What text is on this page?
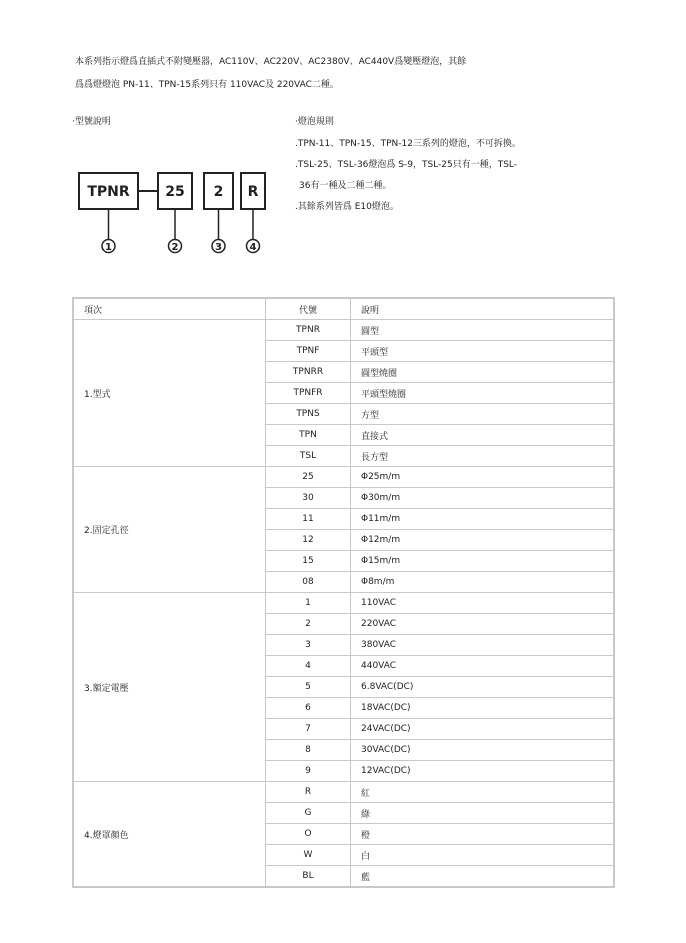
本系列指示燈爲直插式不附變壓器，AC110V、AC220V、AC2380V、AC440V爲變壓燈泡，其餘

爲爲燈燈泡 PN-11、TPN-15系列只有 110VAC及 220VAC二種。

·型號說明
TPNR	25 2 R
1	2	3	4
·燈泡規則

.TPN-11、TPN-15、TPN-12三系列的燈泡，不可拆換。

.TSL-25、TSL-36燈泡爲 S-9，TSL-25只有一種，TSL-

36有一種及二種二種。

.其餘系列皆爲 E10燈泡。

項次	代號	說明
1.型式	TPNR	圓型
	TPNF	平頭型
	TPNRR	圓型燒圈
	TPNFR	平頭型燒圈
	TPNS	方型
	TPN	直接式
	TSL	長方型
2.固定孔徑	25	Φ25m/m
	30	Φ30m/m
	11	Φ11m/m
	12	Φ12m/m
	15	Φ15m/m
	08	Φ8m/m
3.額定電壓	1	110VAC
	2	220VAC
	3	380VAC
	4	440VAC
	5	6.8VAC(DC)
	6	18VAC(DC)
	7	24VAC(DC)
	8	30VAC(DC)
	9	12VAC(DC)
4.燈罩顏色	R	紅
	G	綠
	O	橙
	W	白
	BL	藍
